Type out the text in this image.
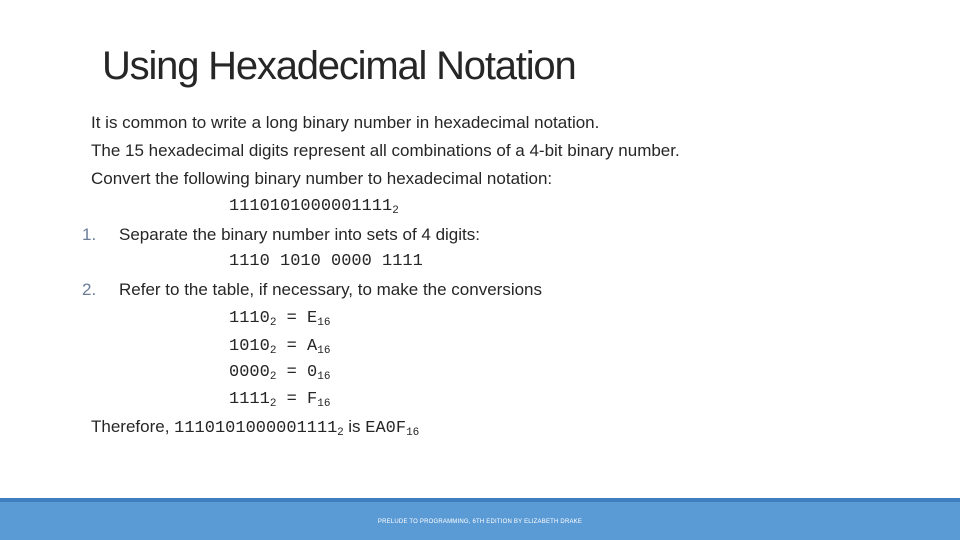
Using Hexadecimal Notation
It is common to write a long binary number in hexadecimal notation.
The 15 hexadecimal digits represent all combinations of a 4-bit binary number.
Convert the following binary number to hexadecimal notation:
$1110101000001111_2$
1. Separate the binary number into sets of 4 digits:
1110 1010 0000 1111
2. Refer to the table, if necessary, to make the conversions
$1110_2 = E_{16}$
$1010_2 = A_{16}$
$0000_2 = 0_{16}$
$1111_2 = F_{16}$
Therefore, $1110101000001111_2$ is $EA0F_{16}$
PRELUDE TO PROGRAMMING, 6TH EDITION BY ELIZABETH DRAKE
